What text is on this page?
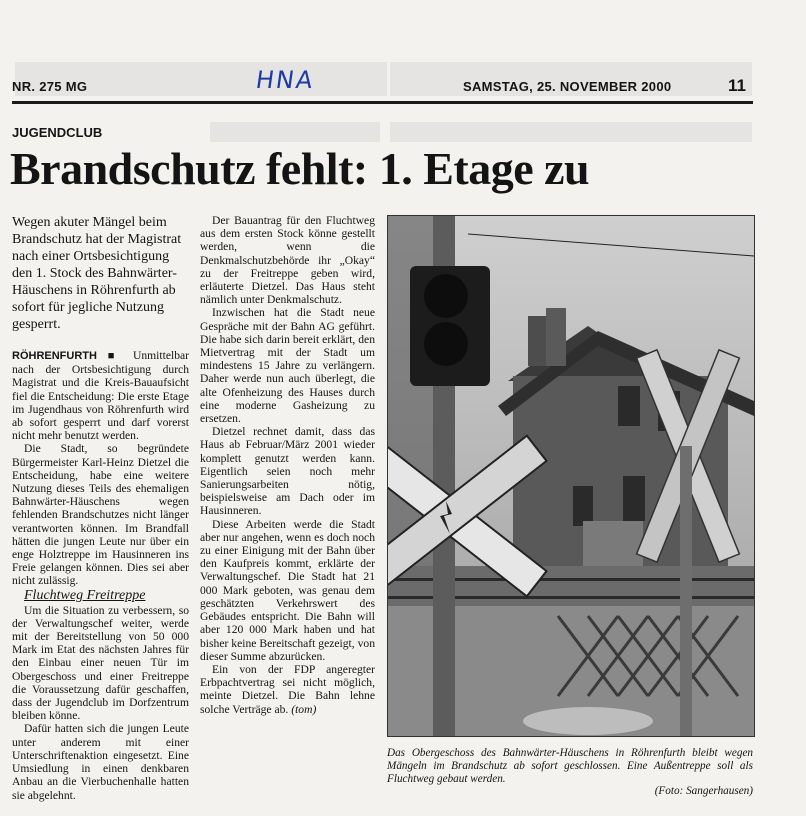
NR. 275 MG	HNA	SAMSTAG, 25. NOVEMBER 2000	11
JUGENDCLUB
Brandschutz fehlt: 1. Etage zu
Wegen akuter Mängel beim Brandschutz hat der Magistrat nach einer Ortsbesichtigung den 1. Stock des Bahnwärter-Häuschens in Röhrenfurth ab sofort für jegliche Nutzung gesperrt.

RÖHRENFURTH ■ Unmittelbar nach der Ortsbesichtigung durch Magistrat und die Kreis-Bauaufsicht fiel die Entscheidung: Die erste Etage im Jugendhaus von Röhrenfurth wird ab sofort gesperrt und darf vorerst nicht mehr benutzt werden.

Die Stadt, so begründete Bürgermeister Karl-Heinz Dietzel die Entscheidung, habe eine weitere Nutzung dieses Teils des ehemaligen Bahnwärter-Häuschens wegen fehlenden Brandschutzes nicht länger verantworten können. Im Brandfall hätten die jungen Leute nur über ein enge Holztreppe im Hausinneren ins Freie gelangen können. Dies sei aber nicht zulässig.

Fluchtweg Freitreppe

Um die Situation zu verbessern, so der Verwaltungschef weiter, werde mit der Bereitstellung von 50 000 Mark im Etat des nächsten Jahres für den Einbau einer neuen Tür im Obergeschoss und einer Freitreppe die Voraussetzung dafür geschaffen, dass der Jugendclub im Dorfzentrum bleiben könne.

Dafür hatten sich die jungen Leute unter anderem mit einer Unterschriftenaktion eingesetzt. Eine Umsiedlung in einen denkbaren Anbau an die Vierbuchenhalle hatten sie abgelehnt.

Der Bauantrag für den Fluchtweg aus dem ersten Stock könne gestellt werden, wenn die Denkmalschutzbehörde ihr „Okay“ zu der Freitreppe geben wird, erläuterte Dietzel. Das Haus steht nämlich unter Denkmalschutz.

Inzwischen hat die Stadt neue Gespräche mit der Bahn AG geführt. Die habe sich darin bereit erklärt, den Mietvertrag mit der Stadt um mindestens 15 Jahre zu verlängern. Daher werde nun auch überlegt, die alte Ofenheizung des Hauses durch eine moderne Gasheizung zu ersetzen.

Dietzel rechnet damit, dass das Haus ab Februar/März 2001 wieder komplett genutzt werden kann. Eigentlich seien noch mehr Sanierungsarbeiten nötig, beispielsweise am Dach oder im Hausinneren.

Diese Arbeiten werde die Stadt aber nur angehen, wenn es doch noch zu einer Einigung mit der Bahn über den Kaufpreis kommt, erklärte der Verwaltungschef. Die Stadt hat 21 000 Mark geboten, was genau dem geschätzten Verkehrswert des Gebäudes entspricht. Die Bahn will aber 120 000 Mark haben und hat bisher keine Bereitschaft gezeigt, von dieser Summe abzurücken.

Ein von der FDP angeregter Erbpachtvertrag sei nicht möglich, meinte Dietzel. Die Bahn lehne solche Verträge ab. (tom)

Das Obergeschoss des Bahnwärter-Häuschens in Röhrenfurth bleibt wegen Mängeln im Brandschutz ab sofort geschlossen. Eine Außentreppe soll als Fluchtweg gebaut werden.
(Foto: Sangerhausen)
